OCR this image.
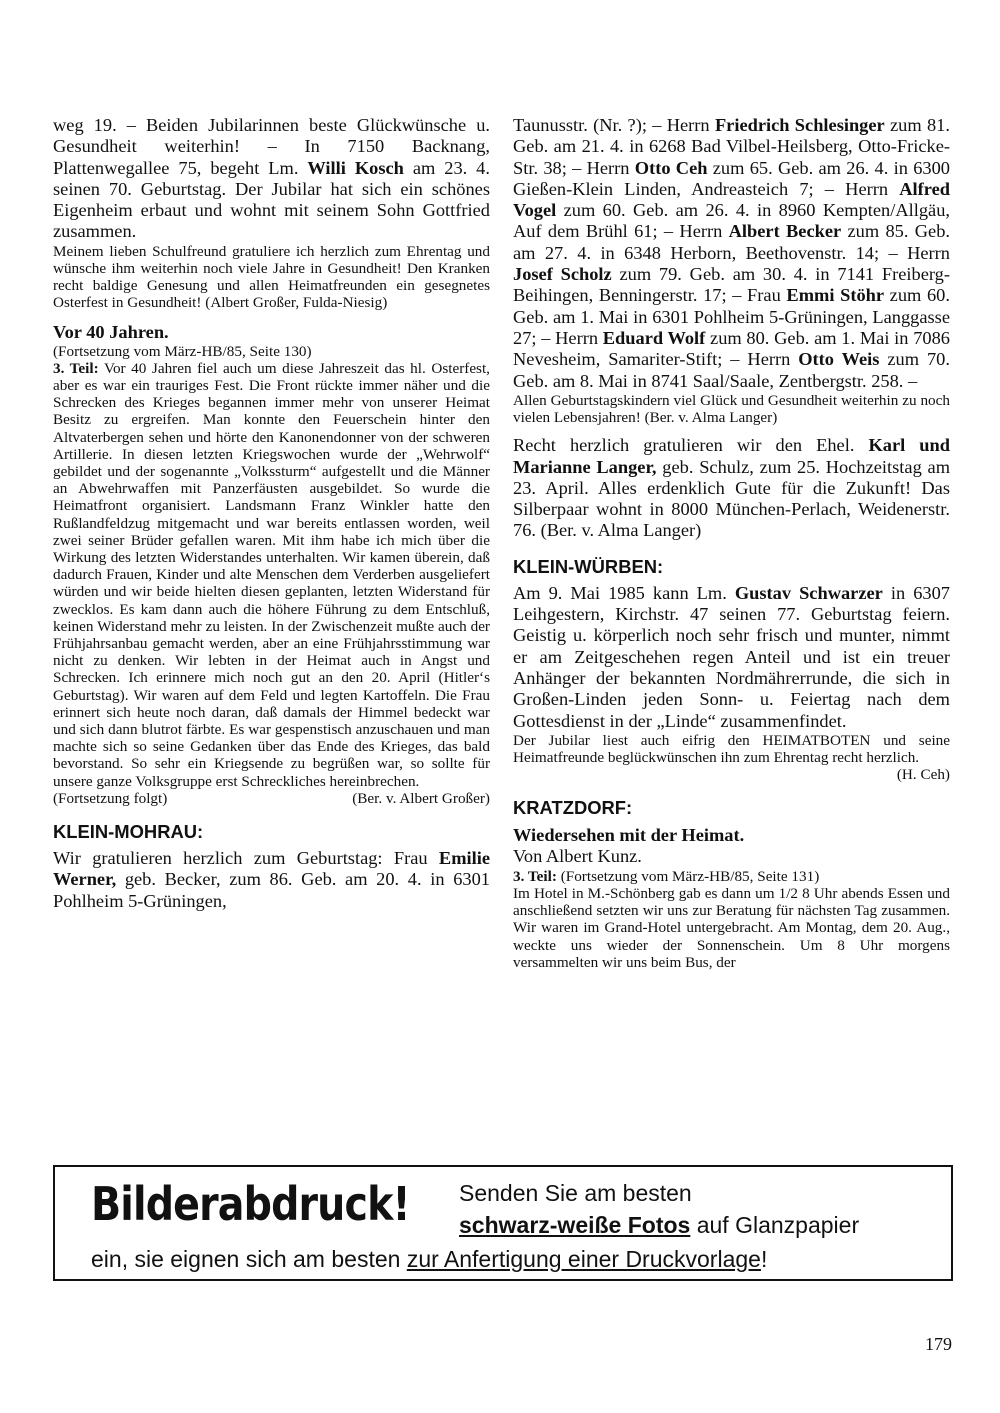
weg 19. – Beiden Jubilarinnen beste Glückwünsche u. Gesundheit weiterhin! – In 7150 Backnang, Plattenwegallee 75, begeht Lm. Willi Kosch am 23. 4. seinen 70. Geburtstag. Der Jubilar hat sich ein schönes Eigenheim erbaut und wohnt mit seinem Sohn Gottfried zusammen.

Meinem lieben Schulfreund gratuliere ich herzlich zum Ehrentag und wünsche ihm weiterhin noch viele Jahre in Gesundheit! Den Kranken recht baldige Genesung und allen Heimatfreunden ein gesegnetes Osterfest in Gesundheit! (Albert Großer, Fulda-Niesig)

Vor 40 Jahren.

(Fortsetzung vom März-HB/85, Seite 130)

3. Teil: Vor 40 Jahren fiel auch um diese Jahreszeit das hl. Osterfest, aber es war ein trauriges Fest. Die Front rückte immer näher und die Schrecken des Krieges begannen immer mehr von unserer Heimat Besitz zu ergreifen. Man konnte den Feuerschein hinter den Altvaterbergen sehen und hörte den Kanonendonner von der schweren Artillerie. In diesen letzten Kriegswochen wurde der „Wehrwolf“ gebildet und der sogenannte „Volkssturm“ aufgestellt und die Männer an Abwehrwaffen mit Panzerfäusten ausgebildet. So wurde die Heimatfront organisiert. Landsmann Franz Winkler hatte den Rußlandfeldzug mitgemacht und war bereits entlassen worden, weil zwei seiner Brüder gefallen waren. Mit ihm habe ich mich über die Wirkung des letzten Widerstandes unterhalten. Wir kamen überein, daß dadurch Frauen, Kinder und alte Menschen dem Verderben ausgeliefert würden und wir beide hielten diesen geplanten, letzten Widerstand für zwecklos. Es kam dann auch die höhere Führung zu dem Entschluß, keinen Widerstand mehr zu leisten. In der Zwischenzeit mußte auch der Frühjahrsanbau gemacht werden, aber an eine Frühjahrsstimmung war nicht zu denken. Wir lebten in der Heimat auch in Angst und Schrecken. Ich erinnere mich noch gut an den 20. April (Hitler‘s Geburtstag). Wir waren auf dem Feld und legten Kartoffeln. Die Frau erinnert sich heute noch daran, daß damals der Himmel bedeckt war und sich dann blutrot färbte. Es war gespenstisch anzuschauen und man machte sich so seine Gedanken über das Ende des Krieges, das bald bevorstand. So sehr ein Kriegsende zu begrüßen war, so sollte für unsere ganze Volksgruppe erst Schreckliches hereinbrechen.

(Fortsetzung folgt)	(Ber. v. Albert Großer)

KLEIN-MOHRAU:

Wir gratulieren herzlich zum Geburtstag: Frau Emilie Werner, geb. Becker, zum 86. Geb. am 20. 4. in 6301 Pohlheim 5-Grüningen,

Taunusstr. (Nr. ?); – Herrn Friedrich Schlesinger zum 81. Geb. am 21. 4. in 6268 Bad Vilbel-Heilsberg, Otto-Fricke-Str. 38; – Herrn Otto Ceh zum 65. Geb. am 26. 4. in 6300 Gießen-Klein Linden, Andreasteich 7; – Herrn Alfred Vogel zum 60. Geb. am 26. 4. in 8960 Kempten/Allgäu, Auf dem Brühl 61; – Herrn Albert Becker zum 85. Geb. am 27. 4. in 6348 Herborn, Beethovenstr. 14; – Herrn Josef Scholz zum 79. Geb. am 30. 4. in 7141 Freiberg-Beihingen, Benningerstr. 17; – Frau Emmi Stöhr zum 60. Geb. am 1. Mai in 6301 Pohlheim 5-Grüningen, Langgasse 27; – Herrn Eduard Wolf zum 80. Geb. am 1. Mai in 7086 Nevesheim, Samariter-Stift; – Herrn Otto Weis zum 70. Geb. am 8. Mai in 8741 Saal/Saale, Zentbergstr. 258. –

Allen Geburtstagskindern viel Glück und Gesundheit weiterhin zu noch vielen Lebensjahren! (Ber. v. Alma Langer)

Recht herzlich gratulieren wir den Ehel. Karl und Marianne Langer, geb. Schulz, zum 25. Hochzeitstag am 23. April. Alles erdenklich Gute für die Zukunft! Das Silberpaar wohnt in 8000 München-Perlach, Weidenerstr. 76. (Ber. v. Alma Langer)

KLEIN-WÜRBEN:

Am 9. Mai 1985 kann Lm. Gustav Schwarzer in 6307 Leihgestern, Kirchstr. 47 seinen 77. Geburtstag feiern. Geistig u. körperlich noch sehr frisch und munter, nimmt er am Zeitgeschehen regen Anteil und ist ein treuer Anhänger der bekannten Nordmährerrunde, die sich in Großen-Linden jeden Sonn- u. Feiertag nach dem Gottesdienst in der „Linde“ zusammenfindet.

Der Jubilar liest auch eifrig den HEIMATBOTEN und seine Heimatfreunde beglückwünschen ihn zum Ehrentag recht herzlich.

(H. Ceh)

KRATZDORF:

Wiedersehen mit der Heimat.

Von Albert Kunz.

3. Teil: (Fortsetzung vom März-HB/85, Seite 131)

Im Hotel in M.-Schönberg gab es dann um 1/2 8 Uhr abends Essen und anschließend setzten wir uns zur Beratung für nächsten Tag zusammen. Wir waren im Grand-Hotel untergebracht. Am Montag, dem 20. Aug., weckte uns wieder der Sonnenschein. Um 8 Uhr morgens versammelten wir uns beim Bus, der

Bilderabdruck! Senden Sie am besten

schwarz-weiße Fotos auf Glanzpapier

ein, sie eignen sich am besten zur Anfertigung einer Druckvorlage!

179
